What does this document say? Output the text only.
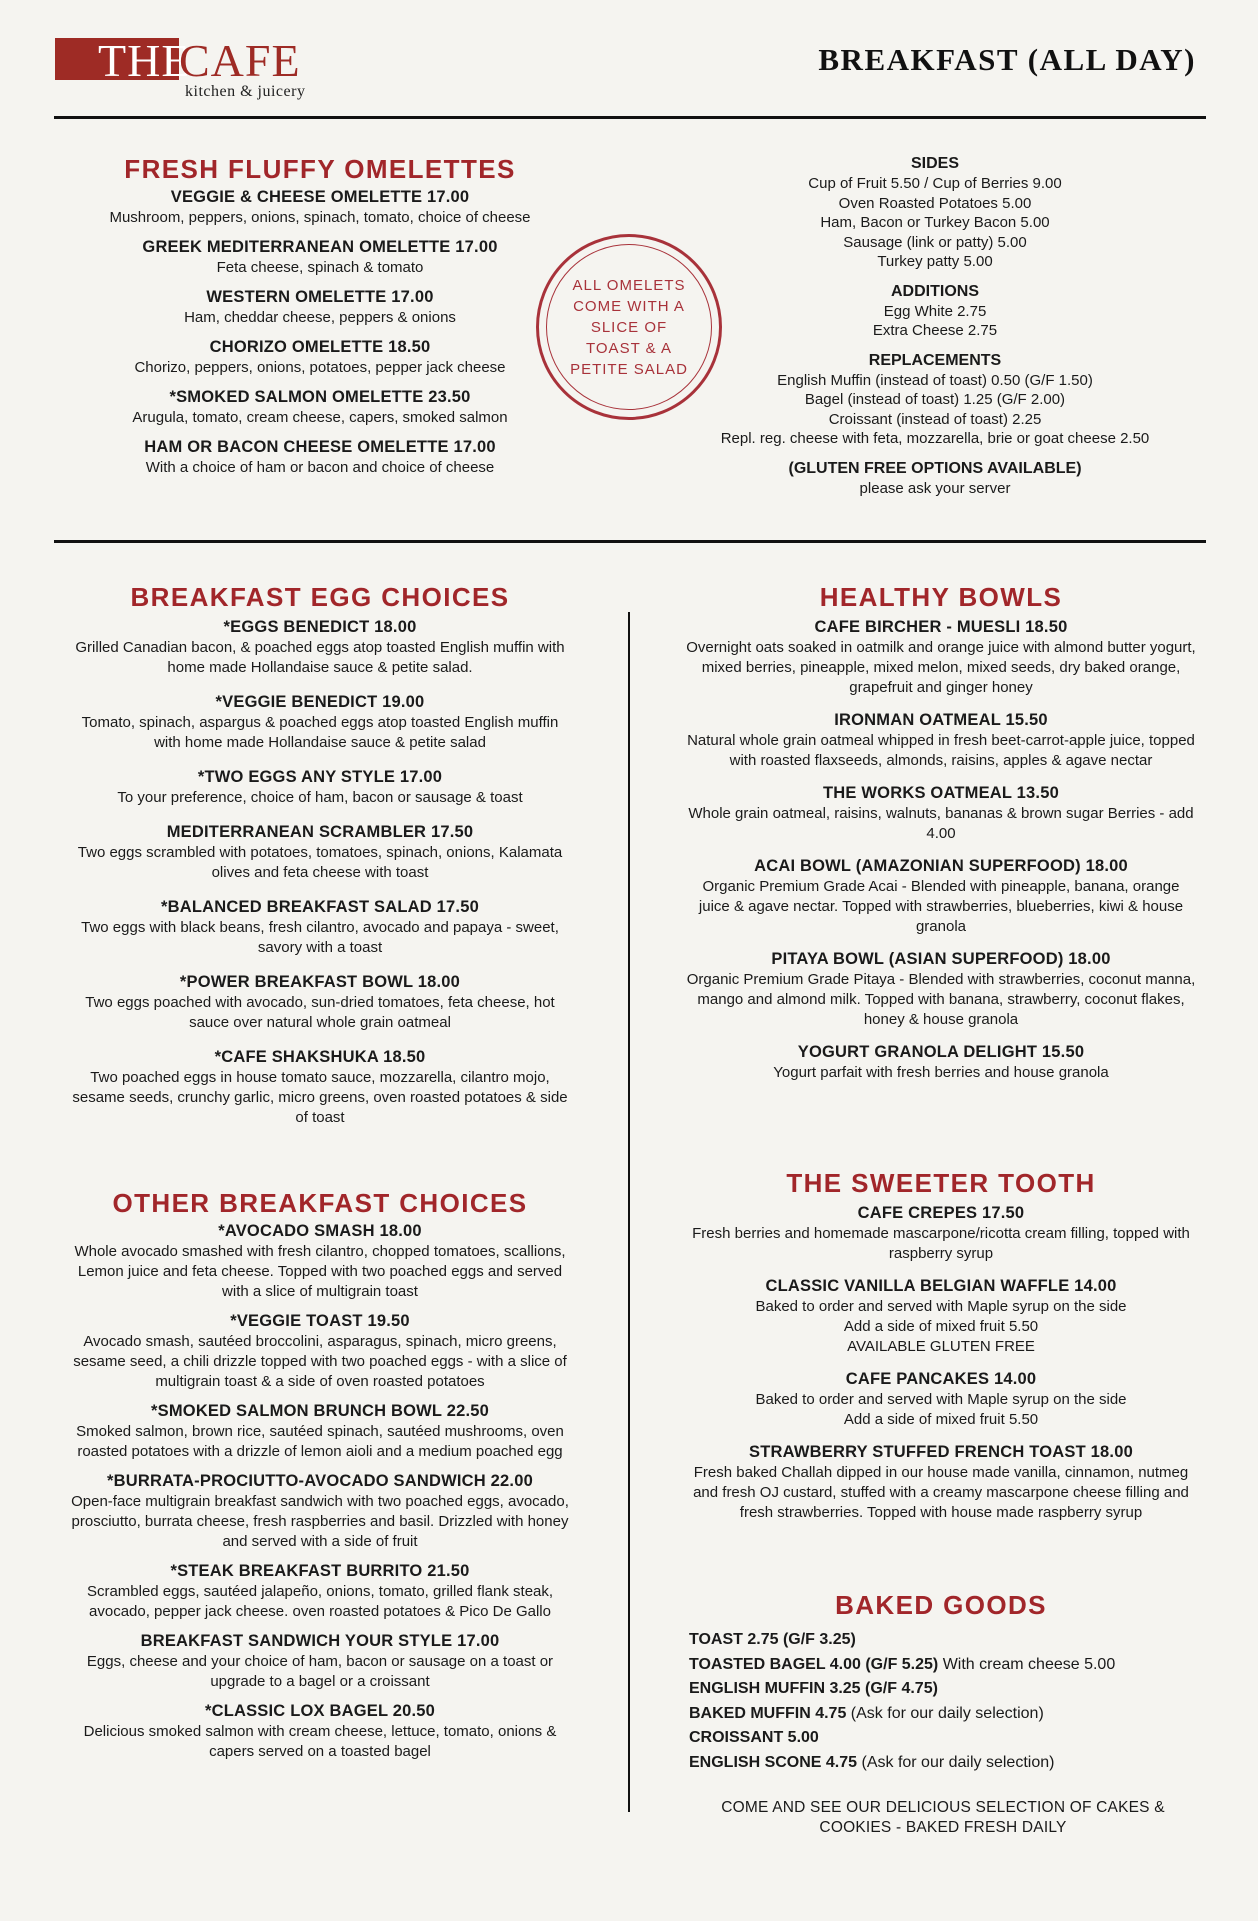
THE
CAFE
kitchen & juicery
BREAKFAST (ALL DAY)
FRESH FLUFFY OMELETTES
VEGGIE & CHEESE OMELETTE 17.00
Mushroom, peppers, onions, spinach, tomato, choice of cheese
GREEK MEDITERRANEAN OMELETTE 17.00
Feta cheese, spinach & tomato
WESTERN OMELETTE 17.00
Ham, cheddar cheese, peppers & onions
CHORIZO OMELETTE 18.50
Chorizo, peppers, onions, potatoes, pepper jack cheese
*SMOKED SALMON OMELETTE 23.50
Arugula, tomato, cream cheese, capers, smoked salmon
HAM OR BACON CHEESE OMELETTE 17.00
With a choice of ham or bacon and choice of cheese
ALL OMELETS COME WITH A SLICE OF TOAST & A PETITE SALAD
SIDES
Cup of Fruit 5.50 / Cup of Berries 9.00
Oven Roasted Potatoes 5.00
Ham, Bacon or Turkey Bacon 5.00
Sausage (link or patty) 5.00
Turkey patty 5.00
ADDITIONS
Egg White 2.75
Extra Cheese 2.75
REPLACEMENTS
English Muffin (instead of toast) 0.50 (G/F 1.50)
Bagel (instead of toast) 1.25 (G/F 2.00)
Croissant (instead of toast) 2.25
Repl. reg. cheese with feta, mozzarella, brie or goat cheese 2.50
(GLUTEN FREE OPTIONS AVAILABLE)
please ask your server
BREAKFAST EGG CHOICES
*EGGS BENEDICT 18.00
Grilled Canadian bacon, & poached eggs atop toasted English muffin with home made Hollandaise sauce & petite salad.
*VEGGIE BENEDICT 19.00
Tomato, spinach, aspargus & poached eggs atop toasted English muffin with home made Hollandaise sauce & petite salad
*TWO EGGS ANY STYLE 17.00
To your preference, choice of ham, bacon or sausage & toast
MEDITERRANEAN SCRAMBLER 17.50
Two eggs scrambled with potatoes, tomatoes, spinach, onions, Kalamata olives and feta cheese with toast
*BALANCED BREAKFAST SALAD 17.50
Two eggs with black beans, fresh cilantro, avocado and papaya - sweet, savory with a toast
*POWER BREAKFAST BOWL 18.00
Two eggs poached with avocado, sun-dried tomatoes, feta cheese, hot sauce over natural whole grain oatmeal
*CAFE SHAKSHUKA 18.50
Two poached eggs in house tomato sauce, mozzarella, cilantro mojo, sesame seeds, crunchy garlic, micro greens, oven roasted potatoes & side of toast
OTHER BREAKFAST CHOICES
*AVOCADO SMASH 18.00
Whole avocado smashed with fresh cilantro, chopped tomatoes, scallions, Lemon juice and feta cheese. Topped with two poached eggs and served with a slice of multigrain toast
*VEGGIE TOAST 19.50
Avocado smash, sautéed broccolini, asparagus, spinach, micro greens, sesame seed, a chili drizzle topped with two poached eggs - with a slice of multigrain toast & a side of oven roasted potatoes
*SMOKED SALMON BRUNCH BOWL 22.50
Smoked salmon, brown rice, sautéed spinach, sautéed mushrooms, oven roasted potatoes with a drizzle of lemon aioli and a medium poached egg
*BURRATA-PROCIUTTO-AVOCADO SANDWICH 22.00
Open-face multigrain breakfast sandwich with two poached eggs, avocado, prosciutto, burrata cheese, fresh raspberries and basil. Drizzled with honey and served with a side of fruit
*STEAK BREAKFAST BURRITO 21.50
Scrambled eggs, sautéed jalapeño, onions, tomato, grilled flank steak, avocado, pepper jack cheese. oven roasted potatoes & Pico De Gallo
BREAKFAST SANDWICH YOUR STYLE 17.00
Eggs, cheese and your choice of ham, bacon or sausage on a toast or upgrade to a bagel or a croissant
*CLASSIC LOX BAGEL 20.50
Delicious smoked salmon with cream cheese, lettuce, tomato, onions & capers served on a toasted bagel
HEALTHY BOWLS
CAFE BIRCHER - MUESLI 18.50
Overnight oats soaked in oatmilk and orange juice with almond butter yogurt, mixed berries, pineapple, mixed melon, mixed seeds, dry baked orange, grapefruit and ginger honey
IRONMAN OATMEAL 15.50
Natural whole grain oatmeal whipped in fresh beet-carrot-apple juice, topped with roasted flaxseeds, almonds, raisins, apples & agave nectar
THE WORKS OATMEAL 13.50
Whole grain oatmeal, raisins, walnuts, bananas & brown sugar Berries - add 4.00
ACAI BOWL (AMAZONIAN SUPERFOOD) 18.00
Organic Premium Grade Acai - Blended with pineapple, banana, orange juice & agave nectar. Topped with strawberries, blueberries, kiwi & house granola
PITAYA BOWL (ASIAN SUPERFOOD) 18.00
Organic Premium Grade Pitaya - Blended with strawberries, coconut manna, mango and almond milk. Topped with banana, strawberry, coconut flakes, honey & house granola
YOGURT GRANOLA DELIGHT 15.50
Yogurt parfait with fresh berries and house granola
THE SWEETER TOOTH
CAFE CREPES 17.50
Fresh berries and homemade mascarpone/ricotta cream filling, topped with raspberry syrup
CLASSIC VANILLA BELGIAN WAFFLE 14.00
Baked to order and served with Maple syrup on the side
Add a side of mixed fruit 5.50
AVAILABLE GLUTEN FREE
CAFE PANCAKES 14.00
Baked to order and served with Maple syrup on the side
Add a side of mixed fruit 5.50
STRAWBERRY STUFFED FRENCH TOAST 18.00
Fresh baked Challah dipped in our house made vanilla, cinnamon, nutmeg and fresh OJ custard, stuffed with a creamy mascarpone cheese filling and fresh strawberries. Topped with house made raspberry syrup
BAKED GOODS
TOAST 2.75 (G/F 3.25)
TOASTED BAGEL 4.00 (G/F 5.25) With cream cheese 5.00
ENGLISH MUFFIN 3.25 (G/F 4.75)
BAKED MUFFIN 4.75 (Ask for our daily selection)
CROISSANT 5.00
ENGLISH SCONE 4.75 (Ask for our daily selection)
COME AND SEE OUR DELICIOUS SELECTION OF CAKES & COOKIES - BAKED FRESH DAILY
